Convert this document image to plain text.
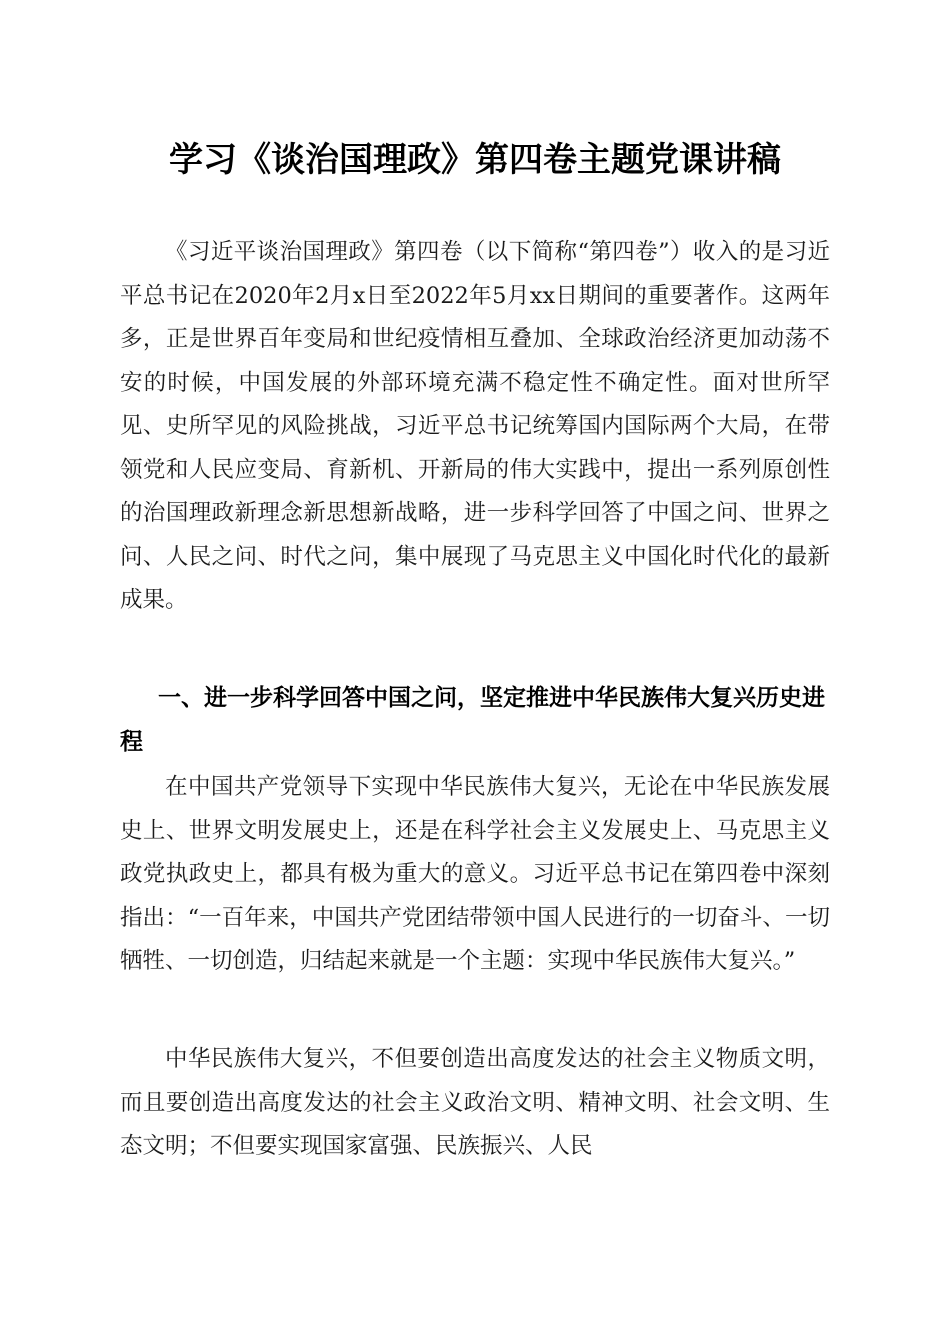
学习《谈治国理政》第四卷主题党课讲稿

《习近平谈治国理政》第四卷（以下简称“第四卷”）收入的是习近平总书记在2020年2月x日至2022年5月xx日期间的重要著作。这两年多，正是世界百年变局和世纪疫情相互叠加、全球政治经济更加动荡不安的时候，中国发展的外部环境充满不稳定性不确定性。面对世所罕见、史所罕见的风险挑战，习近平总书记统筹国内国际两个大局，在带领党和人民应变局、育新机、开新局的伟大实践中，提出一系列原创性的治国理政新理念新思想新战略，进一步科学回答了中国之问、世界之问、人民之问、时代之问，集中展现了马克思主义中国化时代化的最新成果。

一、进一步科学回答中国之问，坚定推进中华民族伟大复兴历史进程

在中国共产党领导下实现中华民族伟大复兴，无论在中华民族发展史上、世界文明发展史上，还是在科学社会主义发展史上、马克思主义政党执政史上，都具有极为重大的意义。习近平总书记在第四卷中深刻指出：“一百年来，中国共产党团结带领中国人民进行的一切奋斗、一切牺牲、一切创造，归结起来就是一个主题：实现中华民族伟大复兴。”

中华民族伟大复兴，不但要创造出高度发达的社会主义物质文明，而且要创造出高度发达的社会主义政治文明、精神文明、社会文明、生态文明；不但要实现国家富强、民族振兴、人民
